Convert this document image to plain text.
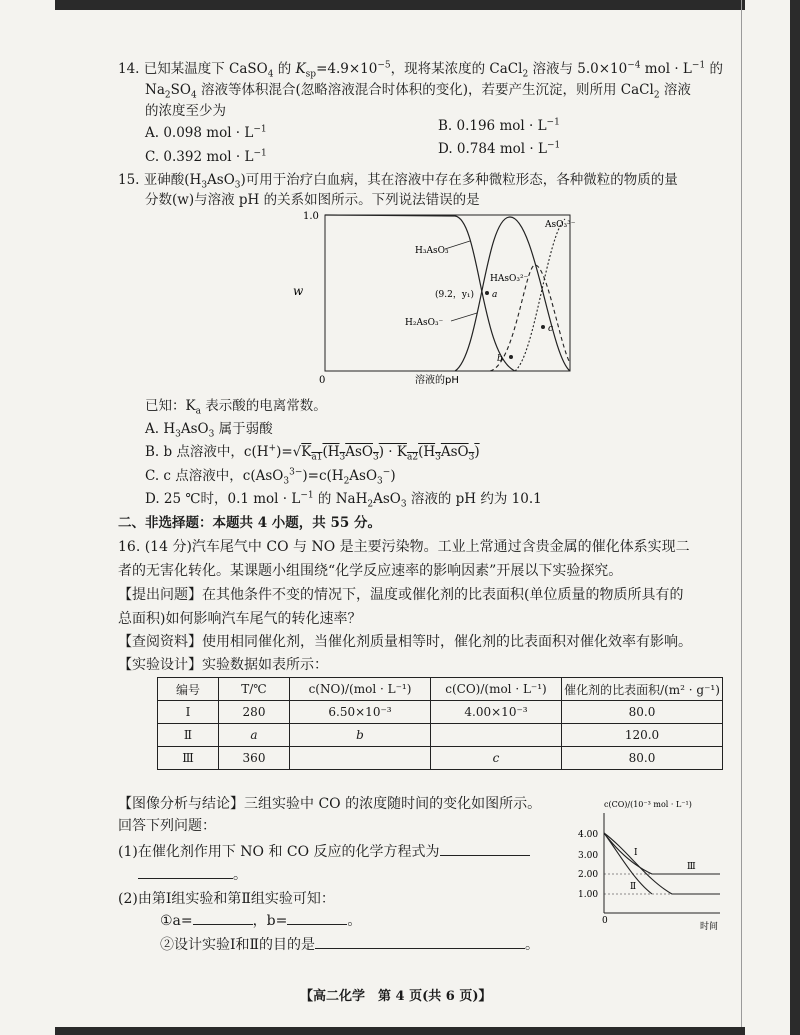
14. 已知某温度下 CaSO$_4$ 的 $K_{sp}=4.9\times 10^{-5}$，现将某浓度的 CaCl$_2$ 溶液与 $5.0\times 10^{-4}$ mol · $L^{-1}$ 的
$Na_2SO_4$ 溶液等体积混合(忽略溶液混合时体积的变化)，若要产生沉淀，则所用 CaCl$_2$ 溶液
的浓度至少为
A. 0.098 mol · $L^{-1}$	B. 0.196 mol · $L^{-1}$
C. 0.392 mol · $L^{-1}$	D. 0.784 mol · $L^{-1}$
15. 亚砷酸$(H_3AsO_3)$可用于治疗白血病，其在溶液中存在多种微粒形态，各种微粒的物质的量
分数(w)与溶液 pH 的关系如图所示。下列说法错误的是
1.0
0
w
溶液的pH
H₃AsO₃
H₂AsO₃⁻
HAsO₃²⁻
AsO₃³⁻
(9.2，y₁) a
b
c
已知：$K_a$ 表示酸的电离常数。
A. $H_3AsO_3$ 属于弱酸
B. b 点溶液中，$c(H^+)=√K_{a1}(H_3AsO_3) \cdot K_{a2}(H_3AsO_3)$
C. c 点溶液中，$c(AsO_3^{3-})=c(H_2AsO_3^-)$
D. 25 ℃时，0.1 mol · $L^{-1}$ 的 NaH$_2$AsO$_3$ 溶液的 pH 约为 10.1
二、非选择题：本题共 4 小题，共 55 分。
16. (14 分)汽车尾气中 CO 与 NO 是主要污染物。工业上常通过含贵金属的催化体系实现二
者的无害化转化。某课题小组围绕“化学反应速率的影响因素”开展以下实验探究。
【提出问题】在其他条件不变的情况下，温度或催化剂的比表面积(单位质量的物质所具有的
总面积)如何影响汽车尾气的转化速率？
【查阅资料】使用相同催化剂，当催化剂质量相等时，催化剂的比表面积对催化效率有影响。
【实验设计】实验数据如表所示：
编号	T/℃	c(NO)/(mol · L⁻¹)	c(CO)/(mol · L⁻¹)	催化剂的比表面积/(m² · g⁻¹)
Ⅰ	280	6.50×10⁻³	4.00×10⁻³	80.0
Ⅱ	a	b		120.0
Ⅲ	360		c	80.0
【图像分析与结论】三组实验中 CO 的浓度随时间的变化如图所示。
回答下列问题：
(1)在催化剂作用下 NO 和 CO 反应的化学方程式为
。
(2)由第Ⅰ组实验和第Ⅱ组实验可知：
①a=	，b=	。
②设计实验Ⅰ和Ⅱ的目的是	。
c(CO)/(10⁻³ mol · L⁻¹)
4.00
3.00
2.00
1.00
Ⅰ
Ⅱ
Ⅲ
0
时间
【高二化学　第 4 页(共 6 页)】
